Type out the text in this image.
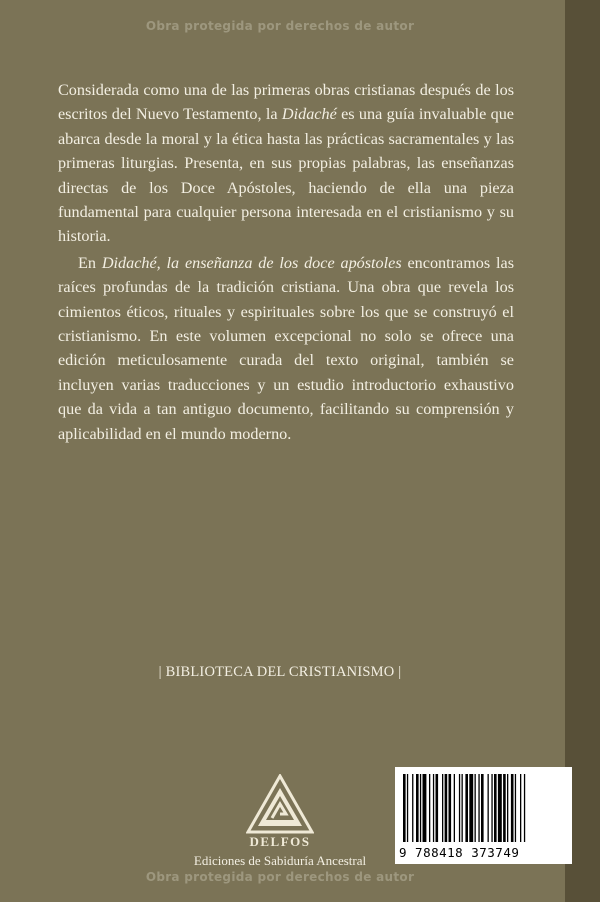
Obra protegida por derechos de autor

Considerada como una de las primeras obras cristianas después de los escritos del Nuevo Testamento, la Didaché es una guía invaluable que abarca desde la moral y la ética hasta las prácticas sacramentales y las primeras liturgias. Presenta, en sus propias palabras, las enseñanzas directas de los Doce Apóstoles, haciendo de ella una pieza fundamental para cualquier persona interesada en el cristianismo y su historia.

En Didaché, la enseñanza de los doce apóstoles encontramos las raíces profundas de la tradición cristiana. Una obra que revela los cimientos éticos, rituales y espirituales sobre los que se construyó el cristianismo. En este volumen excepcional no solo se ofrece una edición meticulosamente curada del texto original, también se incluyen varias traducciones y un estudio introductorio exhaustivo que da vida a tan antiguo documento, facilitando su comprensión y aplicabilidad en el mundo moderno.

| BIBLIOTECA DEL CRISTIANISMO |
DELFOS
Ediciones de Sabiduría Ancestral
9 788418 373749
Obra protegida por derechos de autor
